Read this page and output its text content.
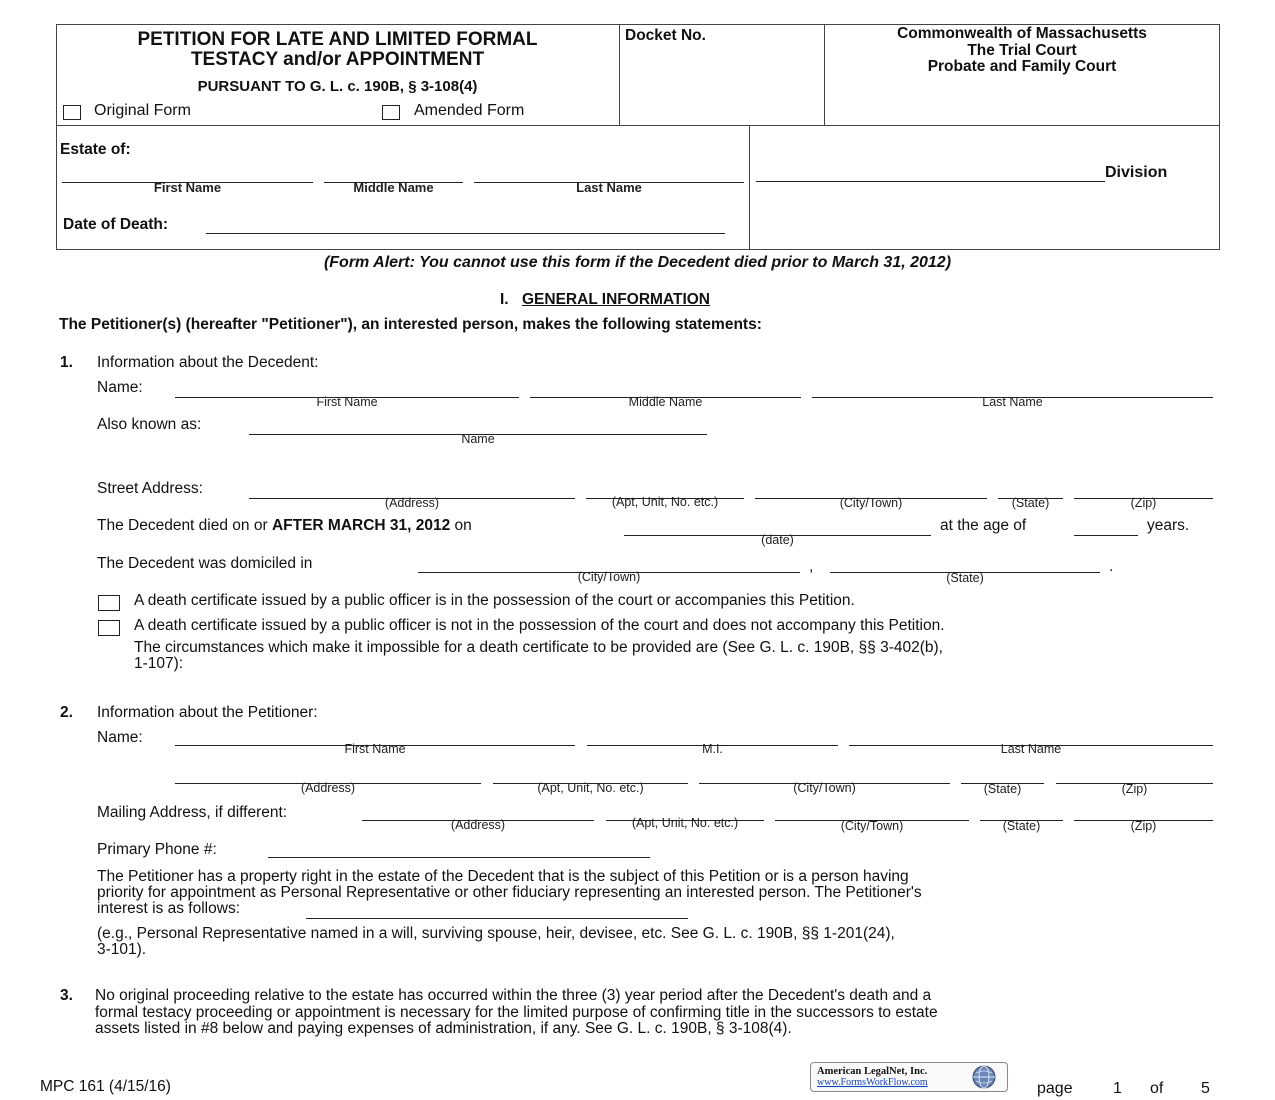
PETITION FOR LATE AND LIMITED FORMAL
TESTACY and/or APPOINTMENT
PURSUANT TO G. L. c. 190B, § 3-108(4)
Original Form	Amended Form
Docket No.	Commonwealth of Massachusetts
The Trial Court
Probate and Family Court
Estate of:
First Name	Middle Name	Last Name
Date of Death:
Division
(Form Alert: You cannot use this form if the Decedent died prior to March 31, 2012)
I. GENERAL INFORMATION
The Petitioner(s) (hereafter "Petitioner"), an interested person, makes the following statements:
1. Information about the Decedent:
Name:
First Name	Middle Name	Last Name
Also known as:
Name
Street Address:
(Address)	(Apt, Unit, No. etc.)	(City/Town)	(State)	(Zip)
The Decedent died on or AFTER MARCH 31, 2012 on
(date)
at the age of	years.
The Decedent was domiciled in	,	.
(City/Town)	(State)
A death certificate issued by a public officer is in the possession of the court or accompanies this Petition.
A death certificate issued by a public officer is not in the possession of the court and does not accompany this Petition.
The circumstances which make it impossible for a death certificate to be provided are (See G. L. c. 190B, §§ 3-402(b),
1-107):
2. Information about the Petitioner:
Name:
First Name	M.I.	Last Name
(Address)	(Apt, Unit, No. etc.)	(City/Town)	(State)	(Zip)
Mailing Address, if different:
(Address)	(Apt, Unit, No. etc.)	(City/Town)	(State)	(Zip)
Primary Phone #:
The Petitioner has a property right in the estate of the Decedent that is the subject of this Petition or is a person having
priority for appointment as Personal Representative or other fiduciary representing an interested person. The Petitioner's
interest is as follows:
(e.g., Personal Representative named in a will, surviving spouse, heir, devisee, etc. See G. L. c. 190B, §§ 1-201(24),
3-101).
3. No original proceeding relative to the estate has occurred within the three (3) year period after the Decedent's death and a
formal testacy proceeding or appointment is necessary for the limited purpose of confirming title in the successors to estate
assets listed in #8 below and paying expenses of administration, if any. See G. L. c. 190B, § 3-108(4).
MPC 161 (4/15/16)
American LegalNet, Inc.
www.FormsWorkFlow.com	page	1 of 5
